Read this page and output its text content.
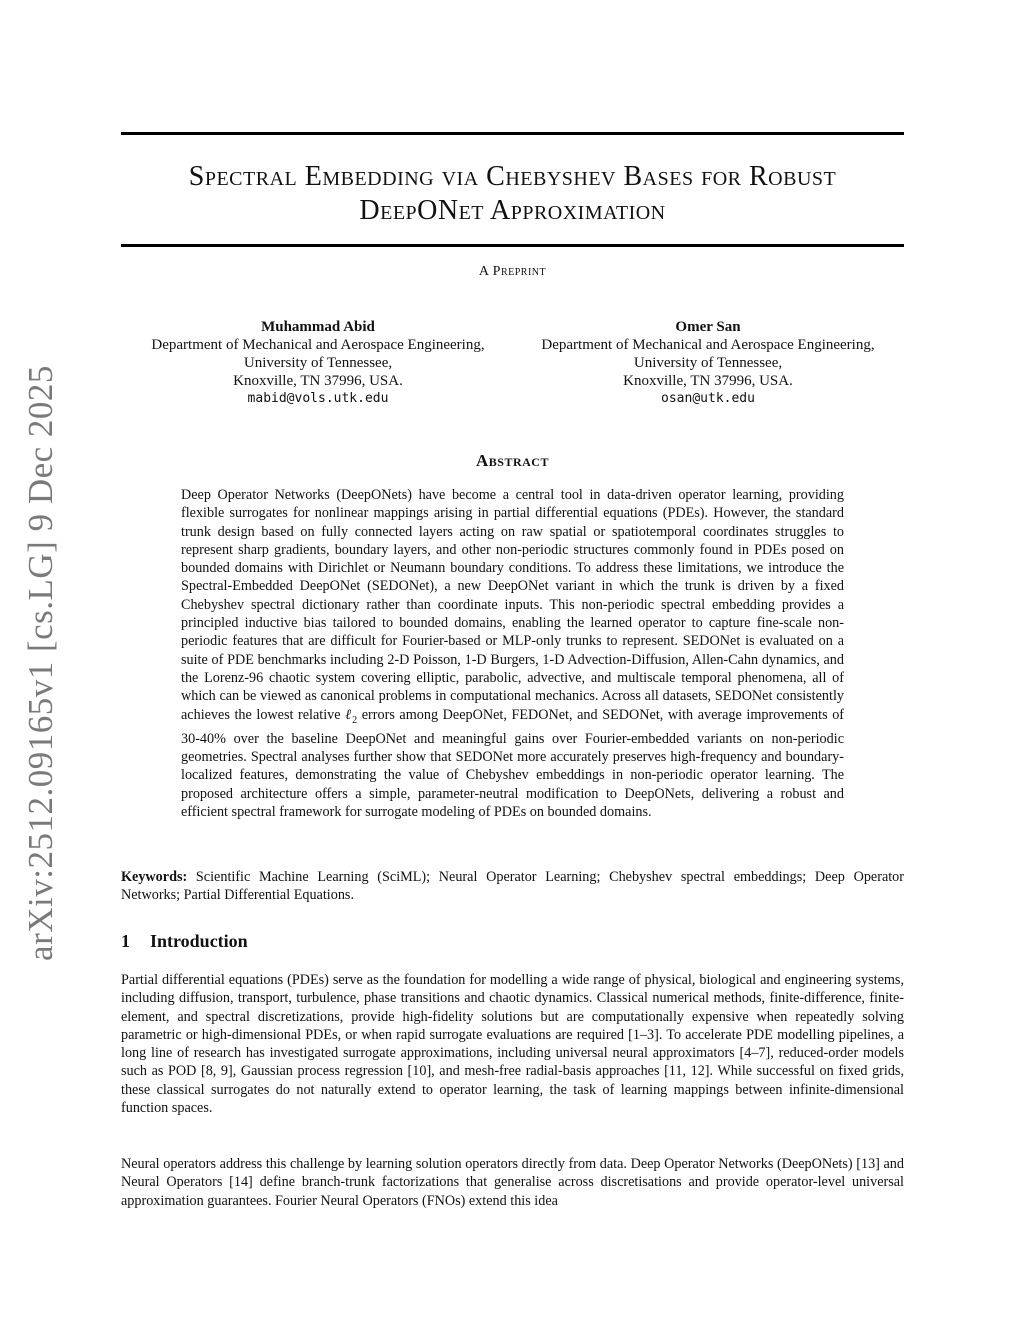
arXiv:2512.09165v1 [cs.LG] 9 Dec 2025
Spectral Embedding via Chebyshev Bases for Robust
DeepONet Approximation
A Preprint
Muhammad Abid
Department of Mechanical and Aerospace Engineering,
University of Tennessee,
Knoxville, TN 37996, USA.
mabid@vols.utk.edu
Omer San
Department of Mechanical and Aerospace Engineering,
University of Tennessee,
Knoxville, TN 37996, USA.
osan@utk.edu
Abstract
Deep Operator Networks (DeepONets) have become a central tool in data-driven operator learning, providing flexible surrogates for nonlinear mappings arising in partial differential equations (PDEs). However, the standard trunk design based on fully connected layers acting on raw spatial or spatiotemporal coordinates struggles to represent sharp gradients, boundary layers, and other non-periodic structures commonly found in PDEs posed on bounded domains with Dirichlet or Neumann boundary conditions. To address these limitations, we introduce the Spectral-Embedded DeepONet (SEDONet), a new DeepONet variant in which the trunk is driven by a fixed Chebyshev spectral dictionary rather than coordinate inputs. This non-periodic spectral embedding provides a principled inductive bias tailored to bounded domains, enabling the learned operator to capture fine-scale non-periodic features that are difficult for Fourier-based or MLP-only trunks to represent. SEDONet is evaluated on a suite of PDE benchmarks including 2-D Poisson, 1-D Burgers, 1-D Advection-Diffusion, Allen-Cahn dynamics, and the Lorenz-96 chaotic system covering elliptic, parabolic, advective, and multiscale temporal phenomena, all of which can be viewed as canonical problems in computational mechanics. Across all datasets, SEDONet consistently achieves the lowest relative ℓ$_2$ errors among DeepONet, FEDONet, and SEDONet, with average improvements of 30-40% over the baseline DeepONet and meaningful gains over Fourier-embedded variants on non-periodic geometries. Spectral analyses further show that SEDONet more accurately preserves high-frequency and boundary-localized features, demonstrating the value of Chebyshev embeddings in non-periodic operator learning. The proposed architecture offers a simple, parameter-neutral modification to DeepONets, delivering a robust and efficient spectral framework for surrogate modeling of PDEs on bounded domains.
Keywords: Scientific Machine Learning (SciML); Neural Operator Learning; Chebyshev spectral embeddings; Deep Operator Networks; Partial Differential Equations.
1 Introduction
Partial differential equations (PDEs) serve as the foundation for modelling a wide range of physical, biological and engineering systems, including diffusion, transport, turbulence, phase transitions and chaotic dynamics. Classical numerical methods, finite-difference, finite-element, and spectral discretizations, provide high-fidelity solutions but are computationally expensive when repeatedly solving parametric or high-dimensional PDEs, or when rapid surrogate evaluations are required [1–3]. To accelerate PDE modelling pipelines, a long line of research has investigated surrogate approximations, including universal neural approximators [4–7], reduced-order models such as POD [8, 9], Gaussian process regression [10], and mesh-free radial-basis approaches [11, 12]. While successful on fixed grids, these classical surrogates do not naturally extend to operator learning, the task of learning mappings between infinite-dimensional function spaces.
Neural operators address this challenge by learning solution operators directly from data. Deep Operator Networks (DeepONets) [13] and Neural Operators [14] define branch-trunk factorizations that generalise across discretisations and provide operator-level universal approximation guarantees. Fourier Neural Operators (FNOs) extend this idea
